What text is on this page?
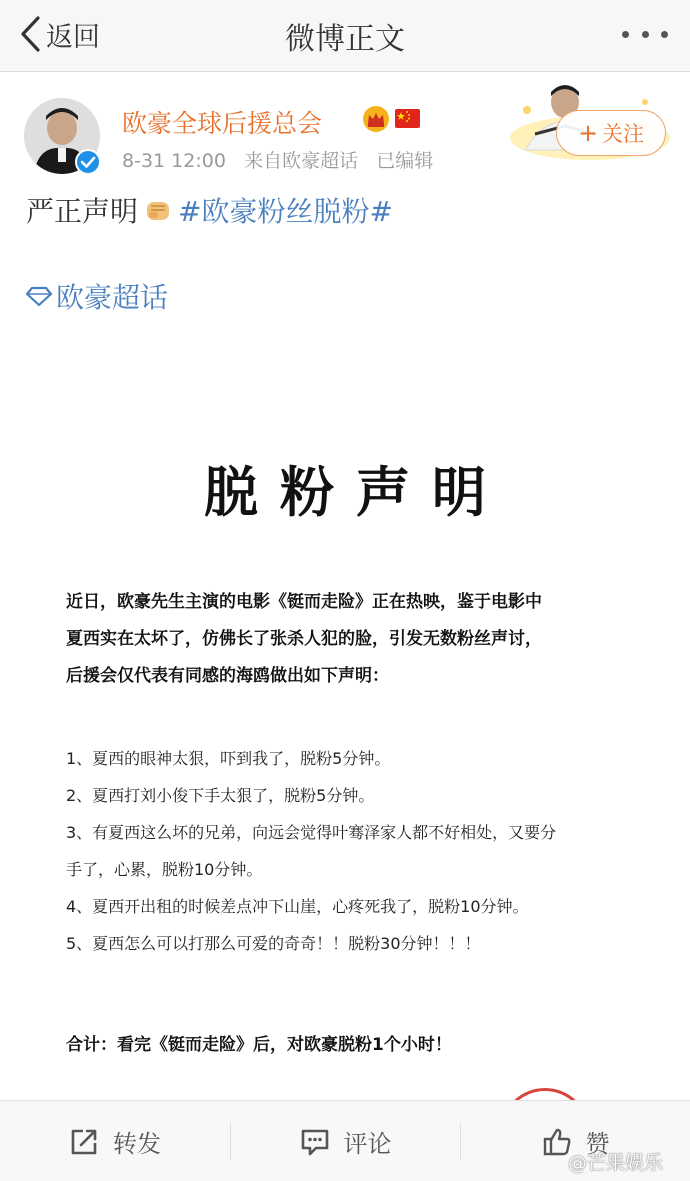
返回	微博正文
欧豪全球后援总会
8-31 12:00 来自欧豪超话 已编辑
+ 关注
严正声明 #欧豪粉丝脱粉#
欧豪超话
脱粉声明
近日，欧豪先生主演的电影《铤而走险》正在热映，鉴于电影中
夏西实在太坏了，仿佛长了张杀人犯的脸，引发无数粉丝声讨，
后援会仅代表有同感的海鸥做出如下声明：
1、夏西的眼神太狠，吓到我了，脱粉5分钟。
2、夏西打刘小俊下手太狠了，脱粉5分钟。
3、有夏西这么坏的兄弟，向远会觉得叶骞泽家人都不好相处，又要分
手了，心累，脱粉10分钟。
4、夏西开出租的时候差点冲下山崖，心疼死我了，脱粉10分钟。
5、夏西怎么可以打那么可爱的奇奇！！脱粉30分钟！！！
合计：看完《铤而走险》后，对欧豪脱粉1个小时！
转发	评论	赞
@芒果娱乐
